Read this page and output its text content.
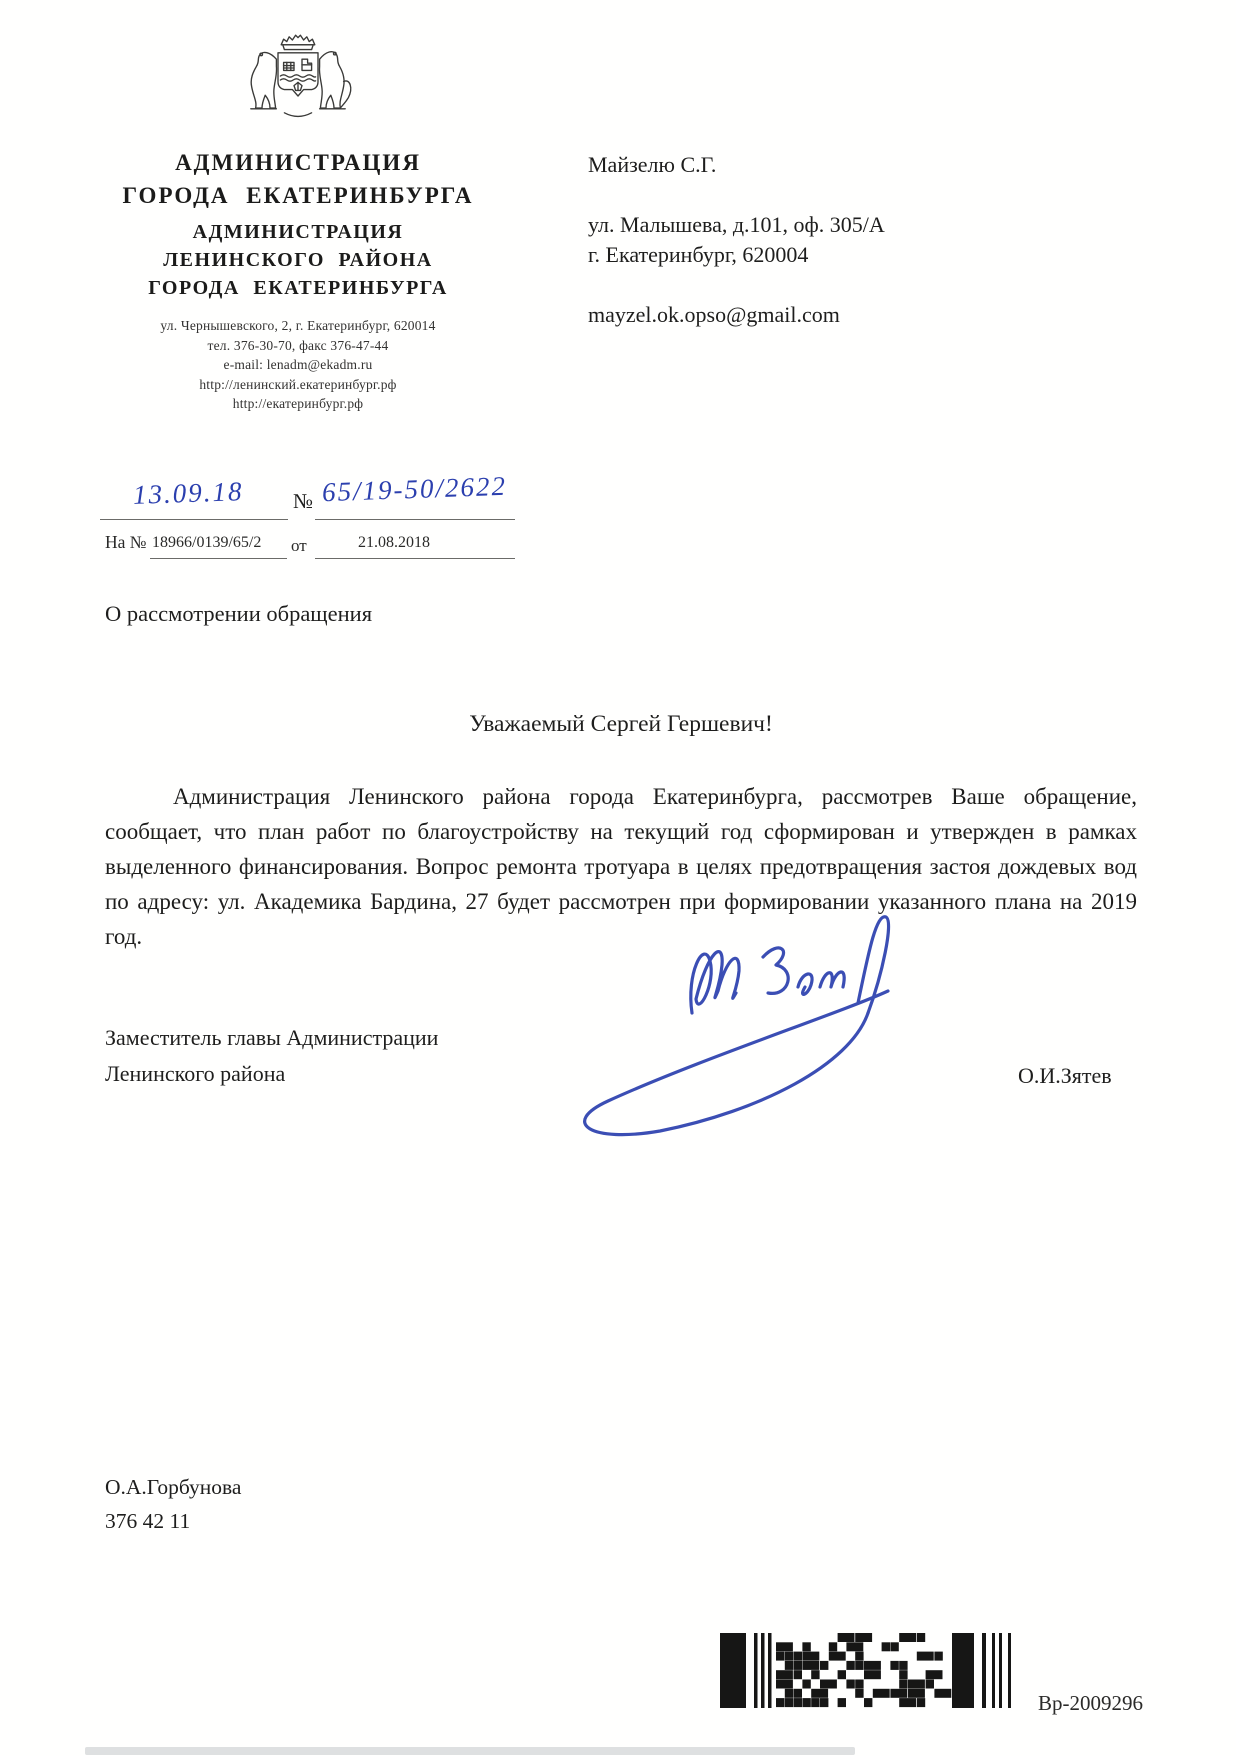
АДМИНИСТРАЦИЯ
ГОРОДА ЕКАТЕРИНБУРГА
АДМИНИСТРАЦИЯ
ЛЕНИНСКОГО РАЙОНА
ГОРОДА ЕКАТЕРИНБУРГА
ул. Чернышевского, 2, г. Екатеринбург, 620014
тел. 376-30-70, факс 376-47-44
e-mail: lenadm@ekadm.ru
http://ленинский.екатеринбург.рф
http://екатеринбург.рф
Майзелю С.Г.
ул. Малышева, д.101, оф. 305/А
г. Екатеринбург, 620004
mayzel.ok.opso@gmail.com
13.09.18 № 65/19-50/2622
На № 18966/0139/65/2 от	21.08.2018
О рассмотрении обращения
Уважаемый Сергей Гершевич!
Администрация Ленинского района города Екатеринбурга, рассмотрев Ваше обращение, сообщает, что план работ по благоустройству на текущий год сформирован и утвержден в рамках выделенного финансирования. Вопрос ремонта тротуара в целях предотвращения застоя дождевых вод по адресу: ул. Академика Бардина, 27 будет рассмотрен при формировании указанного плана на 2019 год.
Заместитель главы Администрации
Ленинского района	О.И.Зятев
О.А.Горбунова
376 42 11
Вр-2009296
